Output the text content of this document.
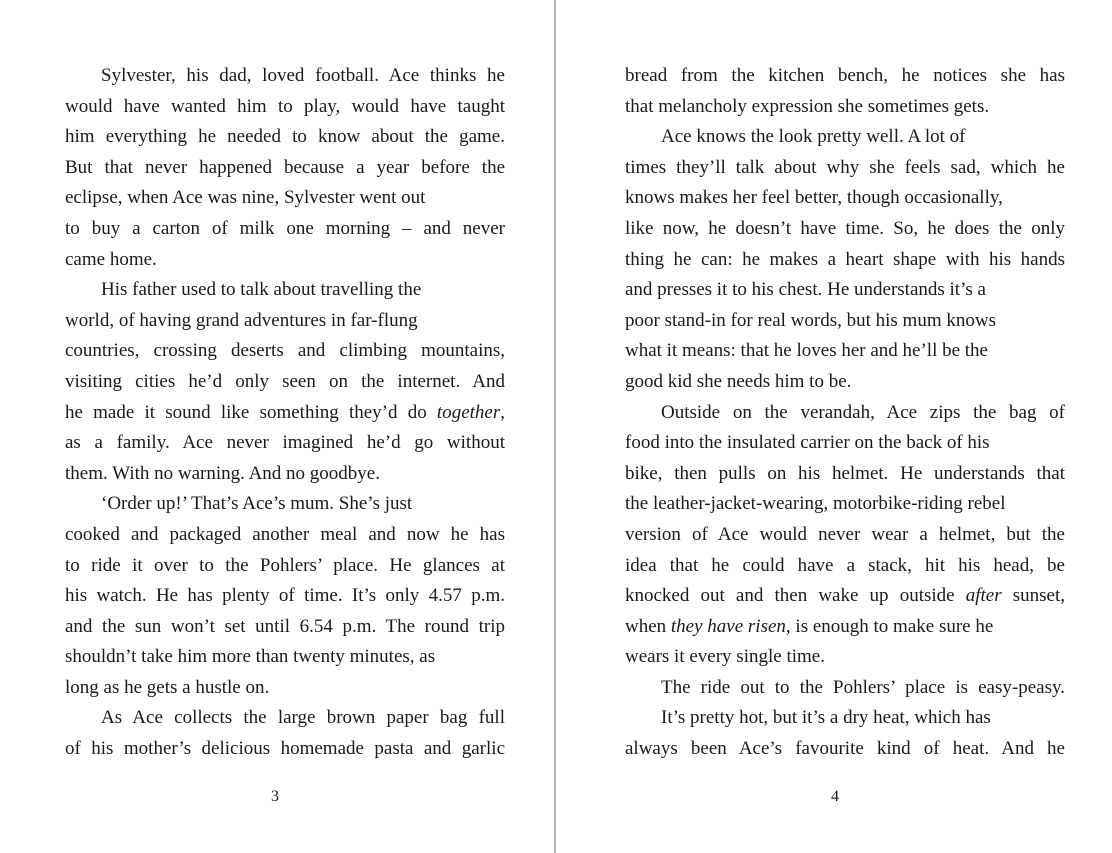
Sylvester, his dad, loved football. Ace thinks he
would have wanted him to play, would have taught
him everything he needed to know about the game.
But that never happened because a year before the
eclipse, when Ace was nine, Sylvester went out
to buy a carton of milk one morning – and never
came home.
His father used to talk about travelling the
world, of having grand adventures in far-flung
countries, crossing deserts and climbing mountains,
visiting cities he’d only seen on the internet. And
he made it sound like something they’d do together,
as a family. Ace never imagined he’d go without
them. With no warning. And no goodbye.
‘Order up!’ That’s Ace’s mum. She’s just
cooked and packaged another meal and now he has
to ride it over to the Pohlers’ place. He glances at
his watch. He has plenty of time. It’s only 4.57 p.m.
and the sun won’t set until 6.54 p.m. The round trip
shouldn’t take him more than twenty minutes, as
long as he gets a hustle on.
As Ace collects the large brown paper bag full
of his mother’s delicious homemade pasta and garlic
bread from the kitchen bench, he notices she has
that melancholy expression she sometimes gets.
Ace knows the look pretty well. A lot of
times they’ll talk about why she feels sad, which he
knows makes her feel better, though occasionally,
like now, he doesn’t have time. So, he does the only
thing he can: he makes a heart shape with his hands
and presses it to his chest. He understands it’s a
poor stand-in for real words, but his mum knows
what it means: that he loves her and he’ll be the
good kid she needs him to be.
Outside on the verandah, Ace zips the bag of
food into the insulated carrier on the back of his
bike, then pulls on his helmet. He understands that
the leather-jacket-wearing, motorbike-riding rebel
version of Ace would never wear a helmet, but the
idea that he could have a stack, hit his head, be
knocked out and then wake up outside after sunset,
when they have risen, is enough to make sure he
wears it every single time.
The ride out to the Pohlers’ place is easy-peasy.
It’s pretty hot, but it’s a dry heat, which has
always been Ace’s favourite kind of heat. And he
3	4
